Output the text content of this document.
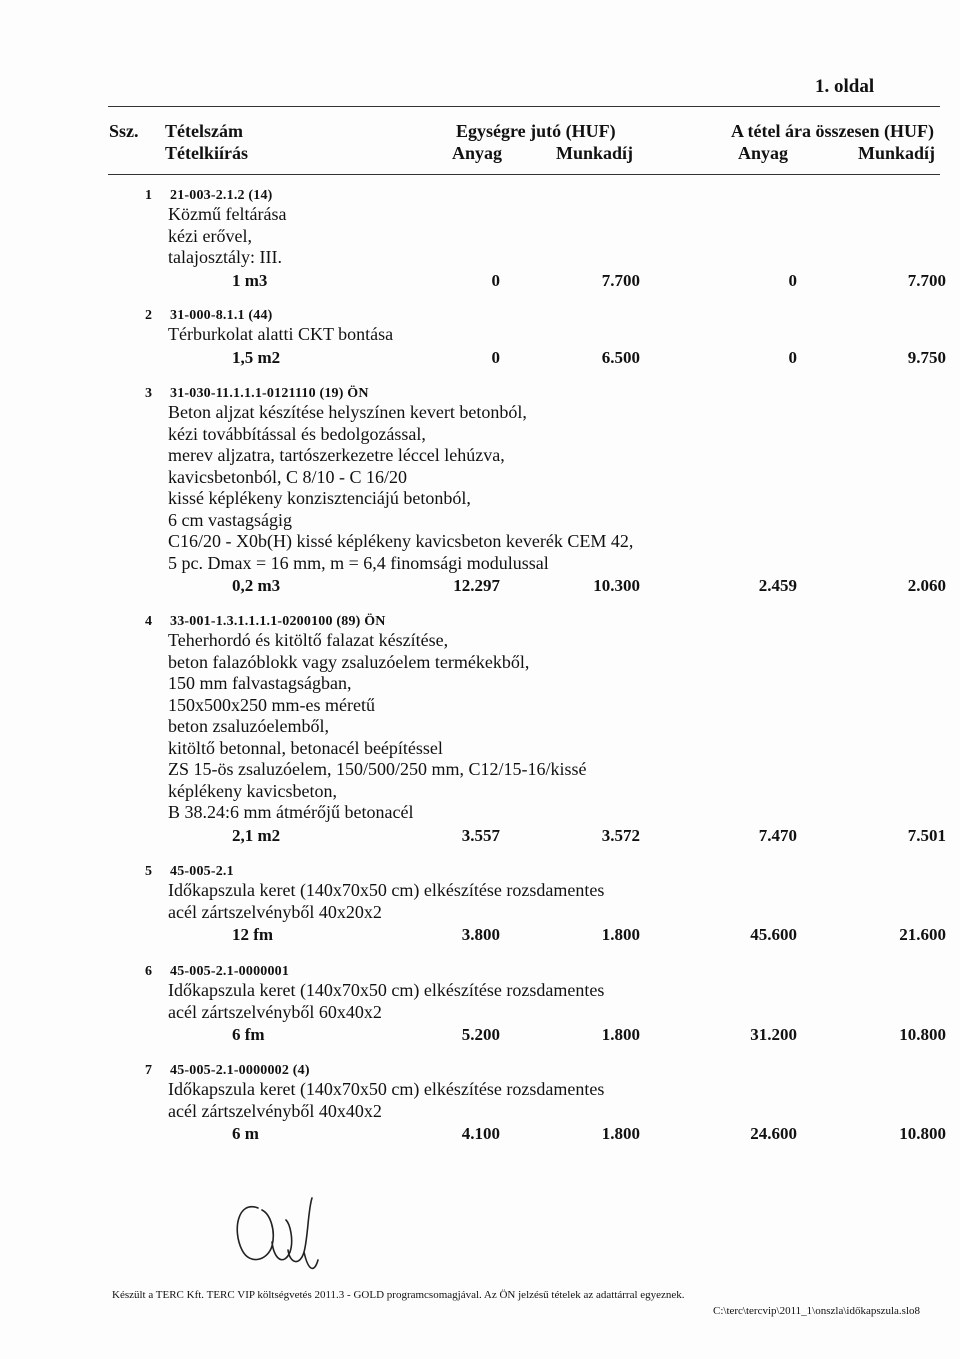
1. oldal
Ssz. Tételszám
Tételkiírás
Egységre jutó (HUF)
Anyag	Munkadíj
A tétel ára összesen (HUF)
Anyag	Munkadíj
1 21-003-2.1.2 (14)
Közmű feltárása
kézi erővel,
talajosztály: III.
1 m3	0	7.700	0	7.700
2 31-000-8.1.1 (44)
Térburkolat alatti CKT bontása
1,5 m2	0	6.500	0	9.750
3 31-030-11.1.1.1-0121110 (19) ÖN
Beton aljzat készítése helyszínen kevert betonból,
kézi továbbítással és bedolgozással,
merev aljzatra, tartószerkezetre léccel lehúzva,
kavicsbetonból, C 8/10 - C 16/20
kissé képlékeny konzisztenciájú betonból,
6 cm vastagságig
C16/20 - X0b(H) kissé képlékeny kavicsbeton keverék CEM 42,
5 pc. Dmax = 16 mm, m = 6,4 finomsági modulussal
0,2 m3	12.297	10.300	2.459	2.060
4 33-001-1.3.1.1.1.1-0200100 (89) ÖN
Teherhordó és kitöltő falazat készítése,
beton falazóblokk vagy zsaluzóelem termékekből,
150 mm falvastagságban,
150x500x250 mm-es méretű
beton zsaluzóelemből,
kitöltő betonnal, betonacél beépítéssel
ZS 15-ös zsaluzóelem, 150/500/250 mm, C12/15-16/kissé
képlékeny kavicsbeton,
B 38.24:6 mm átmérőjű betonacél
2,1 m2	3.557	3.572	7.470	7.501
5 45-005-2.1
Időkapszula keret (140x70x50 cm) elkészítése rozsdamentes
acél zártszelvényből 40x20x2
12 fm	3.800	1.800	45.600	21.600
6 45-005-2.1-0000001
Időkapszula keret (140x70x50 cm) elkészítése rozsdamentes
acél zártszelvényből 60x40x2
6 fm	5.200	1.800	31.200	10.800
7 45-005-2.1-0000002 (4)
Időkapszula keret (140x70x50 cm) elkészítése rozsdamentes
acél zártszelvényből 40x40x2
6 m	4.100	1.800	24.600	10.800
Készült a TERC Kft. TERC VIP költségvetés 2011.3 - GOLD programcsomagjával. Az ÖN jelzésű tételek az adattárral egyeznek.
C:\terc\tercvip\2011_1\onszla\időkapszula.slo8
